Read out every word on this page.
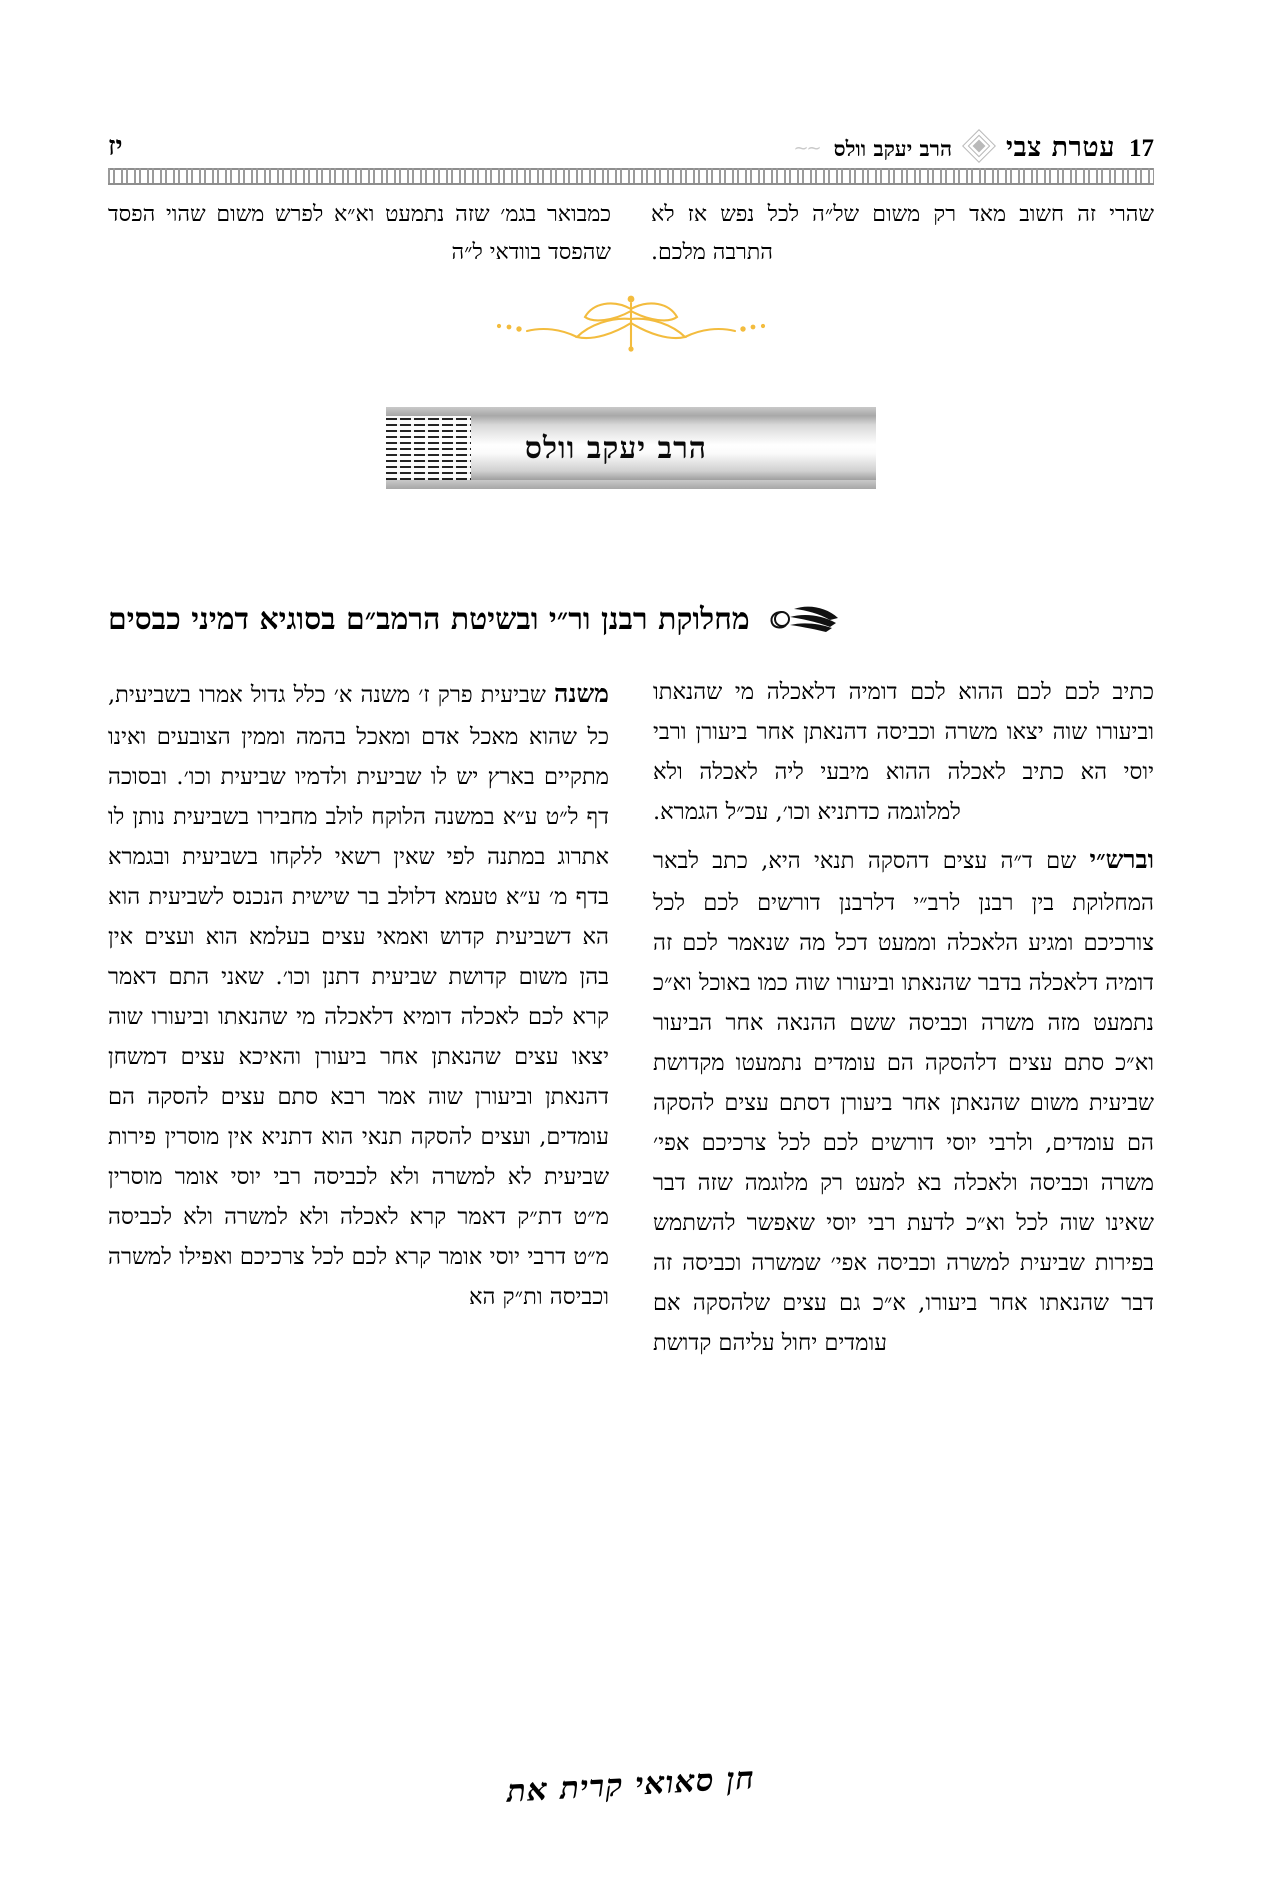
17
עטרת צבי
הרב יעקב וולס
~~
יז

כמבואר בגמ׳ שזה נתמעט וא״א לפרש משום שהוי הפסד שהפסד בוודאי ל״ה

שהרי זה חשוב מאד רק משום של״ה לכל נפש אז לא התרבה מלכם.

הרב יעקב וולס
מחלוקת רבנן ור״י ובשיטת הרמב״ם בסוגיא דמיני כבסים

משנה שביעית פרק ז׳ משנה א׳ כלל גדול אמרו בשביעית, כל שהוא מאכל אדם ומאכל בהמה וממין הצובעים ואינו מתקיים בארץ יש לו שביעית ולדמיו שביעית וכו׳. ובסוכה דף ל״ט ע״א במשנה הלוקח לולב מחבירו בשביעית נותן לו אתרוג במתנה לפי שאין רשאי ללקחו בשביעית ובגמרא בדף מ׳ ע״א טעמא דלולב בר שישית הנכנס לשביעית הוא הא דשביעית קדוש ואמאי עצים בעלמא הוא ועצים אין בהן משום קדושת שביעית דתנן וכו׳. שאני התם דאמר קרא לכם לאכלה דומיא דלאכלה מי שהנאתו וביעורו שוה יצאו עצים שהנאתן אחר ביעורן והאיכא עצים דמשחן דהנאתן וביעורן שוה אמר רבא סתם עצים להסקה הם עומדים, ועצים להסקה תנאי הוא דתניא אין מוסרין פירות שביעית לא למשרה ולא לכביסה רבי יוסי אומר מוסרין מ״ט דת״ק דאמר קרא לאכלה ולא למשרה ולא לכביסה מ״ט דרבי יוסי אומר קרא לכם לכל צרכיכם ואפילו למשרה וכביסה ות״ק הא

כתיב לכם לכם ההוא לכם דומיה דלאכלה מי שהנאתו וביעורו שוה יצאו משרה וכביסה דהנאתן אחר ביעורן ורבי יוסי הא כתיב לאכלה ההוא מיבעי ליה לאכלה ולא למלוגמה כדתניא וכו׳, עכ״ל הגמרא.

וברש״י שם ד״ה עצים דהסקה תנאי היא, כתב לבאר המחלוקת בין רבנן לרב״י דלרבנן דורשים לכם לכל צורכיכם ומגיע הלאכלה וממעט דכל מה שנאמר לכם זה דומיה דלאכלה בדבר שהנאתו וביעורו שוה כמו באוכל וא״כ נתמעט מזה משרה וכביסה ששם ההנאה אחר הביעור וא״כ סתם עצים דלהסקה הם עומדים נתמעטו מקדושת שביעית משום שהנאתן אחר ביעורן דסתם עצים להסקה הם עומדים, ולרבי יוסי דורשים לכם לכל צרכיכם אפי׳ משרה וכביסה ולאכלה בא למעט רק מלוגמה שזה דבר שאינו שוה לכל וא״כ לדעת רבי יוסי שאפשר להשתמש בפירות שביעית למשרה וכביסה אפי׳ שמשרה וכביסה זה דבר שהנאתו אחר ביעורו, א״כ גם עצים שלהסקה אם עומדים יחול עליהם קדושת

חן סאואי קרית את
